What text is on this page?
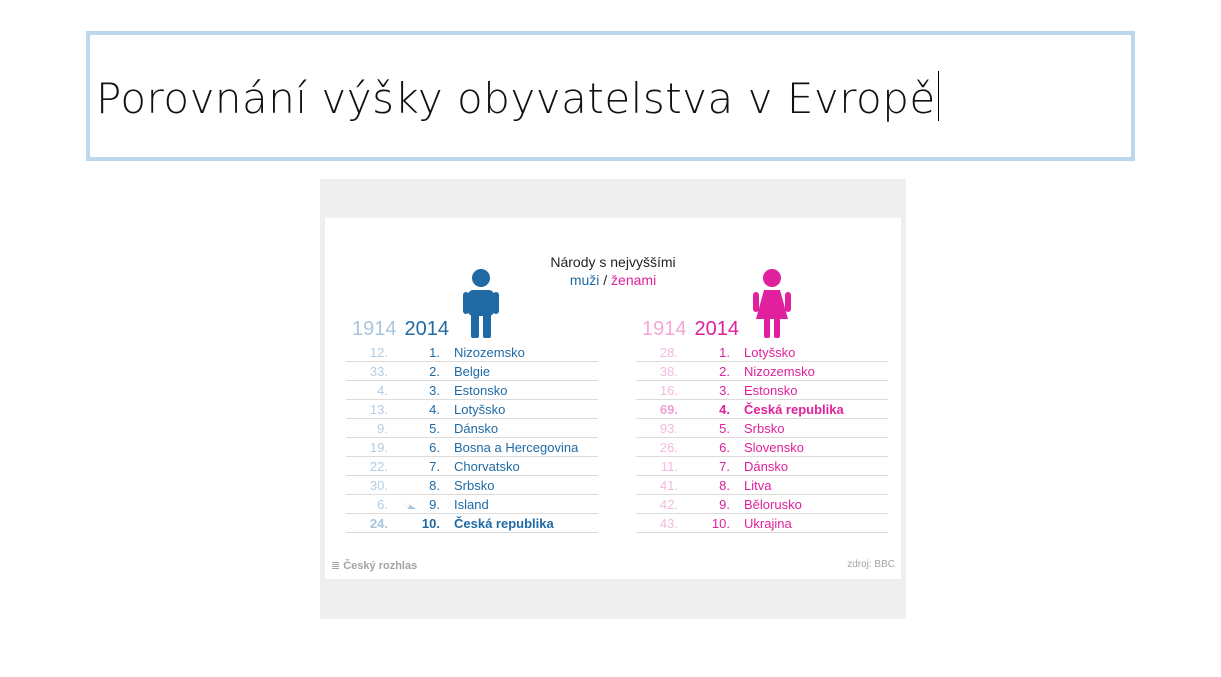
Porovnání výšky obyvatelstva v Evropě
Národy s nejvyššími
muži / ženami
1914 2014	1914 2014
12.	1. Nizozemsko
33.	2. Belgie
4.	3. Estonsko
13.	4. Lotyšsko
9.	5. Dánsko
19.	6. Bosna a Hercegovina
22.	7. Chorvatsko
30.	8. Srbsko
6.	9. Island
24.	10. Česká republika
28.	1. Lotyšsko
38.	2. Nizozemsko
16.	3. Estonsko
69.	4. Česká republika
93.	5. Srbsko
26.	6. Slovensko
11.	7. Dánsko
41.	8. Litva
42.	9. Bělorusko
43.	10. Ukrajina
≣ Český rozhlas	zdroj: BBC
